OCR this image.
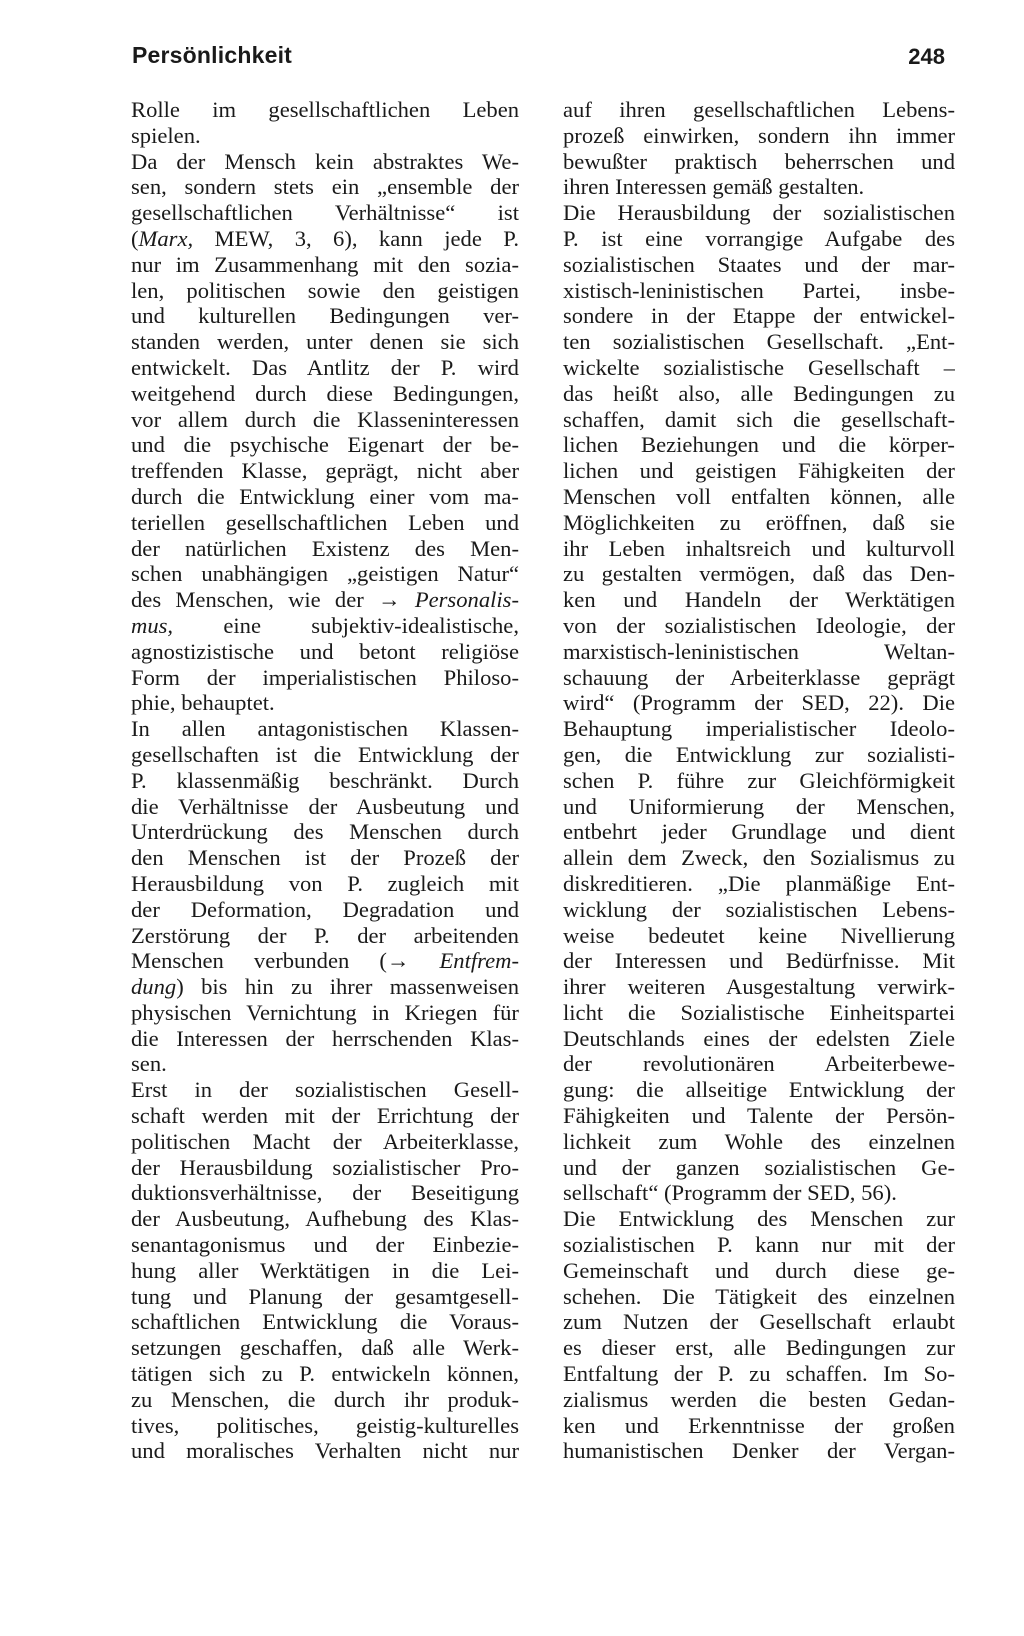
Persönlichkeit	248
Rolle im gesellschaftlichen Leben
spielen.
Da der Mensch kein abstraktes We-
sen, sondern stets ein „ensemble der
gesellschaftlichen Verhältnisse“ ist
(Marx, MEW, 3, 6), kann jede P.
nur im Zusammenhang mit den sozia-
len, politischen sowie den geistigen
und kulturellen Bedingungen ver-
standen werden, unter denen sie sich
entwickelt. Das Antlitz der P. wird
weitgehend durch diese Bedingungen,
vor allem durch die Klasseninteressen
und die psychische Eigenart der be-
treffenden Klasse, geprägt, nicht aber
durch die Entwicklung einer vom ma-
teriellen gesellschaftlichen Leben und
der natürlichen Existenz des Men-
schen unabhängigen „geistigen Natur“
des Menschen, wie der → Personalis-
mus, eine subjektiv-idealistische,
agnostizistische und betont religiöse
Form der imperialistischen Philoso-
phie, behauptet.
In allen antagonistischen Klassen-
gesellschaften ist die Entwicklung der
P. klassenmäßig beschränkt. Durch
die Verhältnisse der Ausbeutung und
Unterdrückung des Menschen durch
den Menschen ist der Prozeß der
Herausbildung von P. zugleich mit
der Deformation, Degradation und
Zerstörung der P. der arbeitenden
Menschen verbunden (→ Entfrem-
dung) bis hin zu ihrer massenweisen
physischen Vernichtung in Kriegen für
die Interessen der herrschenden Klas-
sen.
Erst in der sozialistischen Gesell-
schaft werden mit der Errichtung der
politischen Macht der Arbeiterklasse,
der Herausbildung sozialistischer Pro-
duktionsverhältnisse, der Beseitigung
der Ausbeutung, Aufhebung des Klas-
senantagonismus und der Einbezie-
hung aller Werktätigen in die Lei-
tung und Planung der gesamtgesell-
schaftlichen Entwicklung die Voraus-
setzungen geschaffen, daß alle Werk-
tätigen sich zu P. entwickeln können,
zu Menschen, die durch ihr produk-
tives, politisches, geistig-kulturelles
und moralisches Verhalten nicht nur
auf ihren gesellschaftlichen Lebens-
prozeß einwirken, sondern ihn immer
bewußter praktisch beherrschen und
ihren Interessen gemäß gestalten.
Die Herausbildung der sozialistischen
P. ist eine vorrangige Aufgabe des
sozialistischen Staates und der mar-
xistisch-leninistischen Partei, insbe-
sondere in der Etappe der entwickel-
ten sozialistischen Gesellschaft. „Ent-
wickelte sozialistische Gesellschaft –
das heißt also, alle Bedingungen zu
schaffen, damit sich die gesellschaft-
lichen Beziehungen und die körper-
lichen und geistigen Fähigkeiten der
Menschen voll entfalten können, alle
Möglichkeiten zu eröffnen, daß sie
ihr Leben inhaltsreich und kulturvoll
zu gestalten vermögen, daß das Den-
ken und Handeln der Werktätigen
von der sozialistischen Ideologie, der
marxistisch-leninistischen	Weltan-
schauung der Arbeiterklasse geprägt
wird“ (Programm der SED, 22). Die
Behauptung imperialistischer Ideolo-
gen, die Entwicklung zur sozialisti-
schen P. führe zur Gleichförmigkeit
und Uniformierung der Menschen,
entbehrt jeder Grundlage und dient
allein dem Zweck, den Sozialismus zu
diskreditieren. „Die planmäßige Ent-
wicklung der sozialistischen Lebens-
weise bedeutet keine Nivellierung
der Interessen und Bedürfnisse. Mit
ihrer weiteren Ausgestaltung verwirk-
licht die Sozialistische Einheitspartei
Deutschlands eines der edelsten Ziele
der revolutionären Arbeiterbewe-
gung: die allseitige Entwicklung der
Fähigkeiten und Talente der Persön-
lichkeit zum Wohle des einzelnen
und der ganzen sozialistischen Ge-
sellschaft“ (Programm der SED, 56).
Die Entwicklung des Menschen zur
sozialistischen P. kann nur mit der
Gemeinschaft und durch diese ge-
schehen. Die Tätigkeit des einzelnen
zum Nutzen der Gesellschaft erlaubt
es dieser erst, alle Bedingungen zur
Entfaltung der P. zu schaffen. Im So-
zialismus werden die besten Gedan-
ken und Erkenntnisse der großen
humanistischen Denker der Vergan-
